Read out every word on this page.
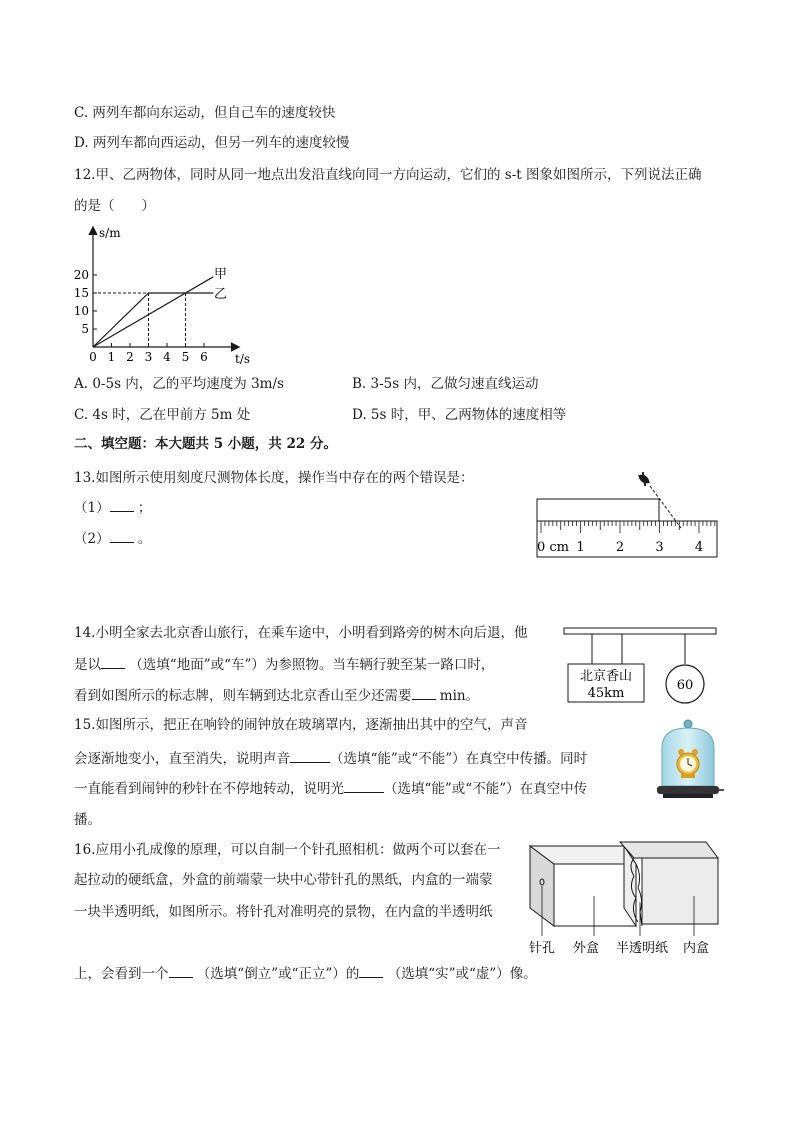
C. 两列车都向东运动，但自己车的速度较快
D. 两列车都向西运动，但另一列车的速度较慢
12.甲、乙两物体，同时从同一地点出发沿直线向同一方向运动，它们的 s-t 图象如图所示，下列说法正确
的是（　　）
s/m
t/s
5
10
15
20
0 1 2 3 4 5 6
甲
乙
A. 0-5s 内，乙的平均速度为 3m/s	B. 3-5s 内，乙做匀速直线运动
C. 4s 时，乙在甲前方 5m 处	D. 5s 时，甲、乙两物体的速度相等
二、填空题：本大题共 5 小题，共 22 分。
13.如图所示使用刻度尺测物体长度，操作当中存在的两个错误是：
（1） ；
（2） 。
0 cm 1 2 3 4
14.小明全家去北京香山旅行，在乘车途中，小明看到路旁的树木向后退，他
是以 （选填“地面”或“车”）为参照物。当车辆行驶至某一路口时，
看到如图所示的标志牌，则车辆到达北京香山至少还需要 min。
北京香山
45km
60
15.如图所示，把正在响铃的闹钟放在玻璃罩内，逐渐抽出其中的空气，声音
会逐渐地变小，直至消失，说明声音	（选填“能”或“不能”）在真空中传播。同时
一直能看到闹钟的秒针在不停地转动，说明光	（选填“能”或“不能”）在真空中传
播。
16.应用小孔成像的原理，可以自制一个针孔照相机：做两个可以套在一
起拉动的硬纸盒，外盒的前端蒙一块中心带针孔的黑纸，内盒的一端蒙
一块半透明纸，如图所示。将针孔对准明亮的景物，在内盒的半透明纸
上，会看到一个 （选填“倒立”或“正立”）的 （选填“实”或“虚”）像。
针孔 外盒 半透明纸 内盒
